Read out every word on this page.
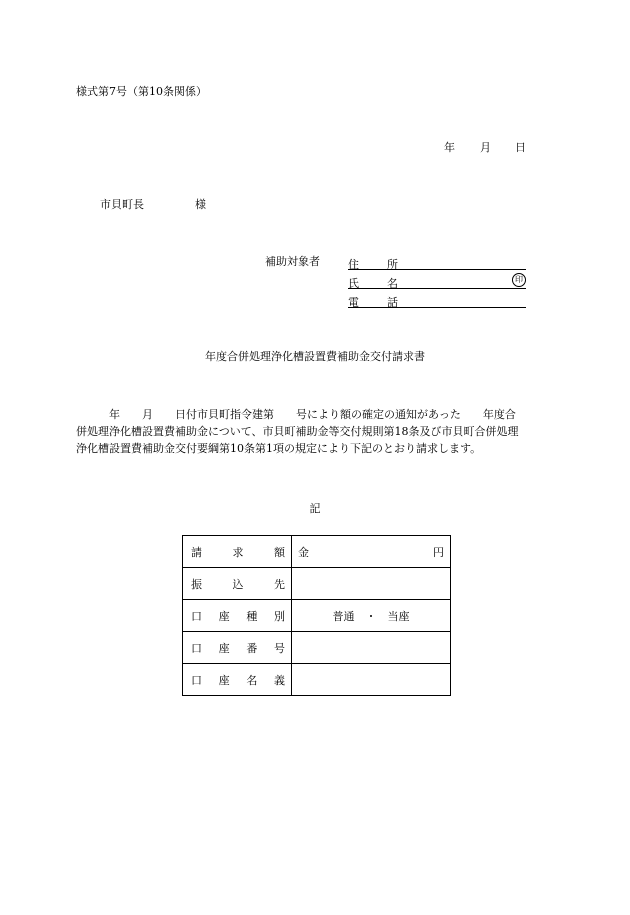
様式第7号（第10条関係）
年 月 日
市貝町長	様
補助対象者	住	所
氏	名	印
電	話
年度合併処理浄化槽設置費補助金交付請求書
　　　年　　月　　日付市貝町指令建第　　号により額の確定の通知があった　　年度合
併処理浄化槽設置費補助金について、市貝町補助金等交付規則第18条及び市貝町合併処理
浄化槽設置費補助金交付要綱第10条第1項の規定により下記のとおり請求します。
記
請 求 額	金 円

振 込 先	

口 座 種 別	普通　・　当座

口 座 番 号	

口 座 名 義	
